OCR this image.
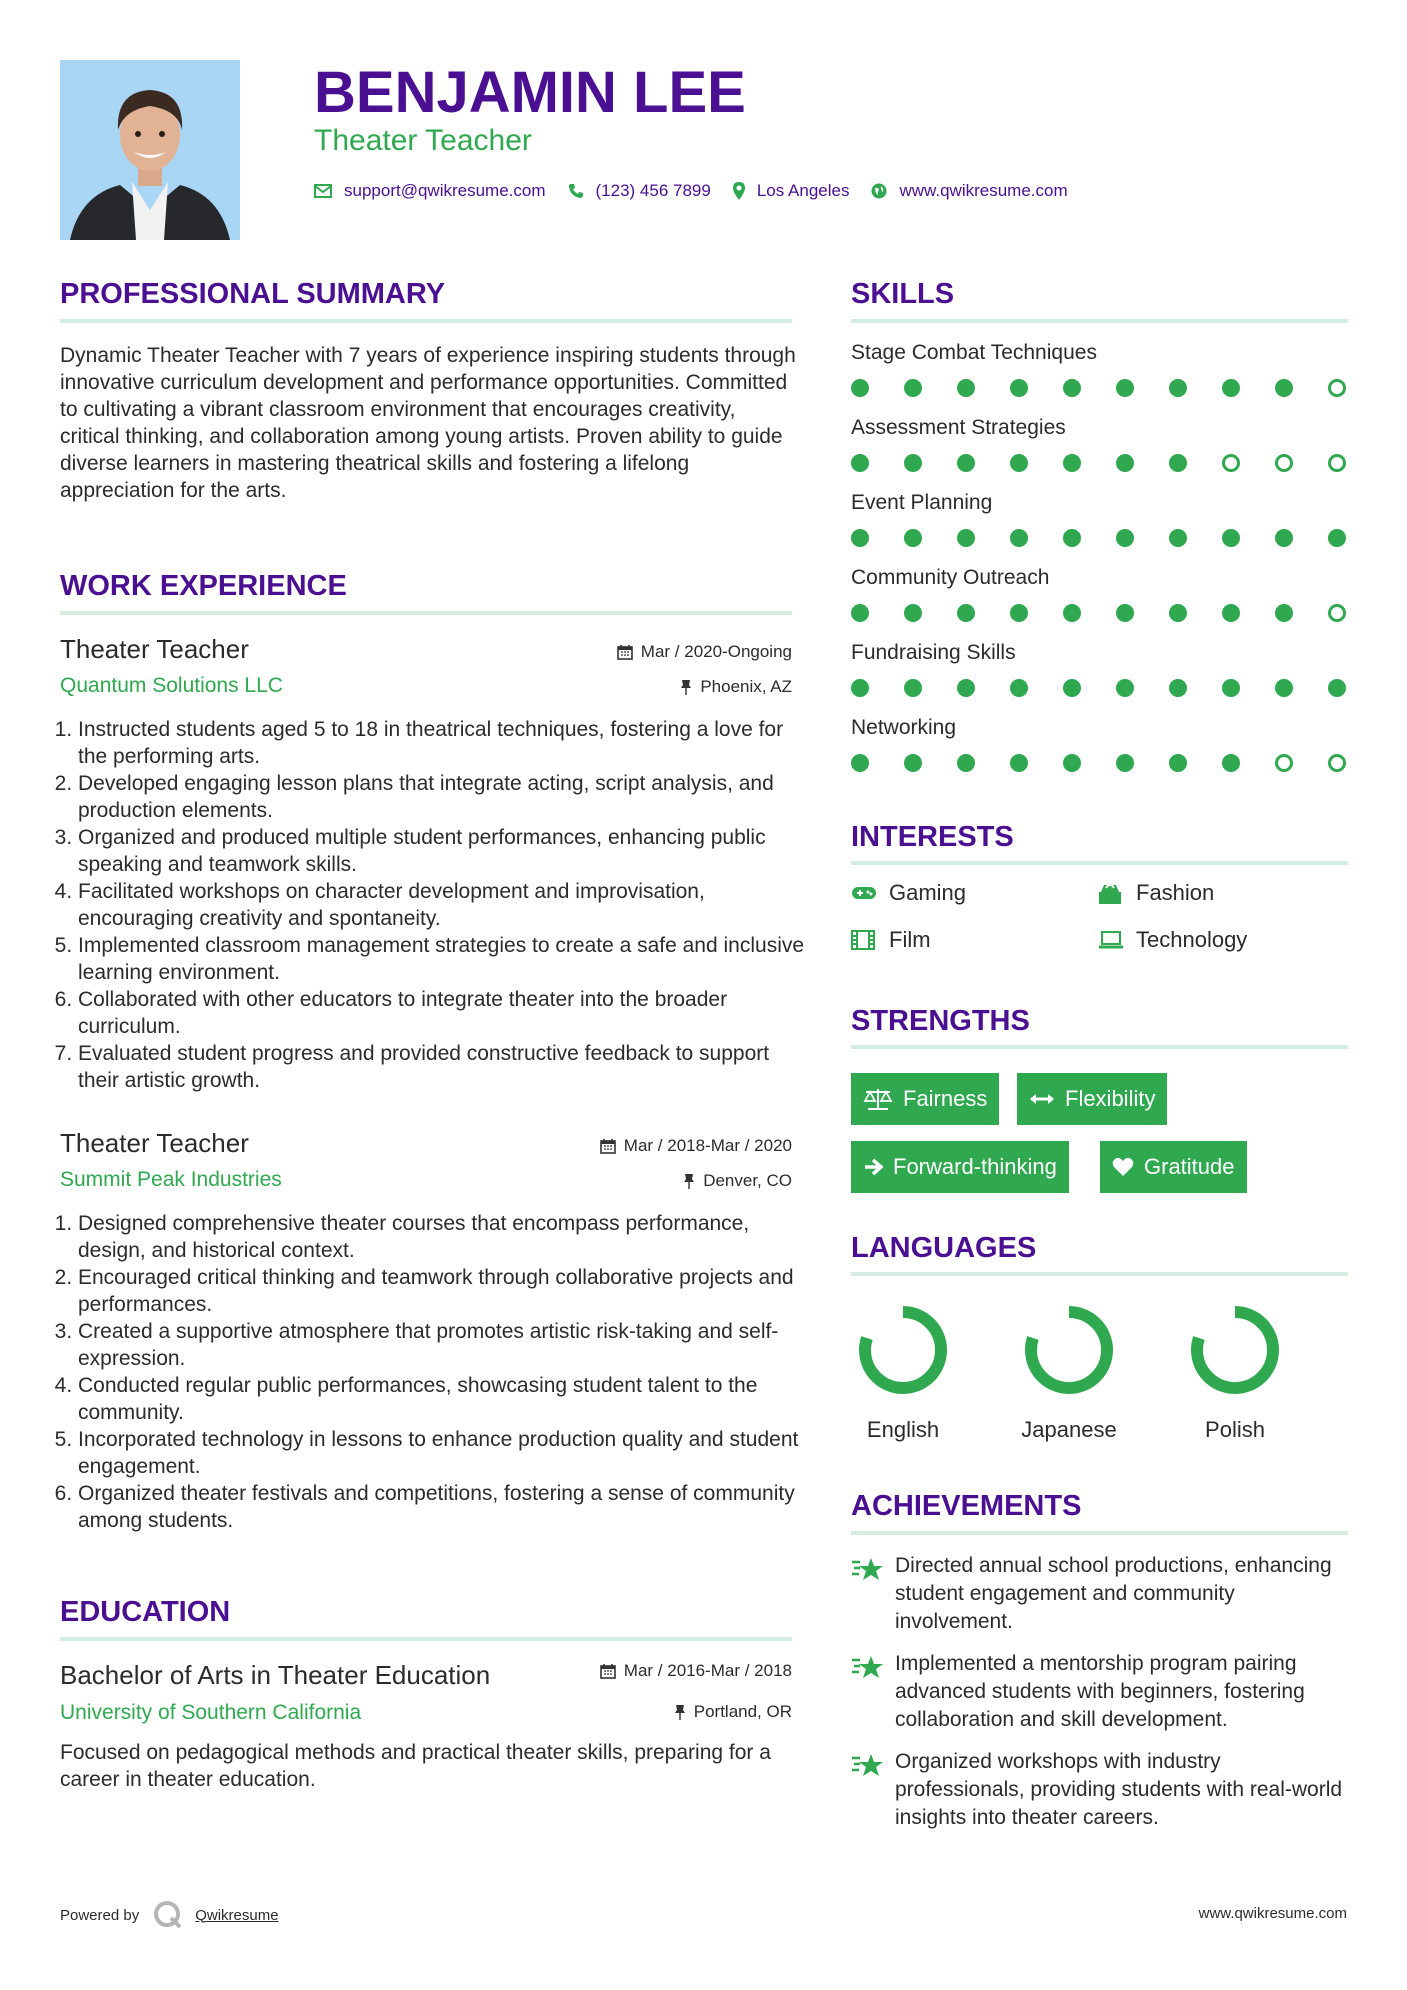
BENJAMIN LEE
Theater Teacher
support@qwikresume.com	(123) 456 7899	Los Angeles	www.qwikresume.com
PROFESSIONAL SUMMARY
Dynamic Theater Teacher with 7 years of experience inspiring students through innovative curriculum development and performance opportunities. Committed to cultivating a vibrant classroom environment that encourages creativity, critical thinking, and collaboration among young artists. Proven ability to guide diverse learners in mastering theatrical skills and fostering a lifelong appreciation for the arts.
WORK EXPERIENCE
Theater Teacher	Mar / 2020-Ongoing
Quantum Solutions LLC	Phoenix, AZ
1. Instructed students aged 5 to 18 in theatrical techniques, fostering a love for the performing arts.
2. Developed engaging lesson plans that integrate acting, script analysis, and production elements.
3. Organized and produced multiple student performances, enhancing public speaking and teamwork skills.
4. Facilitated workshops on character development and improvisation, encouraging creativity and spontaneity.
5. Implemented classroom management strategies to create a safe and inclusive learning environment.
6. Collaborated with other educators to integrate theater into the broader curriculum.
7. Evaluated student progress and provided constructive feedback to support their artistic growth.
Theater Teacher	Mar / 2018-Mar / 2020
Summit Peak Industries	Denver, CO
1. Designed comprehensive theater courses that encompass performance, design, and historical context.
2. Encouraged critical thinking and teamwork through collaborative projects and performances.
3. Created a supportive atmosphere that promotes artistic risk-taking and self-expression.
4. Conducted regular public performances, showcasing student talent to the community.
5. Incorporated technology in lessons to enhance production quality and student engagement.
6. Organized theater festivals and competitions, fostering a sense of community among students.
EDUCATION
Bachelor of Arts in Theater Education	Mar / 2016-Mar / 2018
University of Southern California	Portland, OR
Focused on pedagogical methods and practical theater skills, preparing for a career in theater education.
SKILLS
Stage Combat Techniques
Assessment Strategies
Event Planning
Community Outreach
Fundraising Skills
Networking
INTERESTS
Gaming	Fashion
Film	Technology
STRENGTHS
Fairness	Flexibility
Forward-thinking	Gratitude
LANGUAGES
English	Japanese	Polish
ACHIEVEMENTS
Directed annual school productions, enhancing student engagement and community involvement.
Implemented a mentorship program pairing advanced students with beginners, fostering collaboration and skill development.
Organized workshops with industry professionals, providing students with real-world insights into theater careers.
Powered by	Qwikresume	www.qwikresume.com
